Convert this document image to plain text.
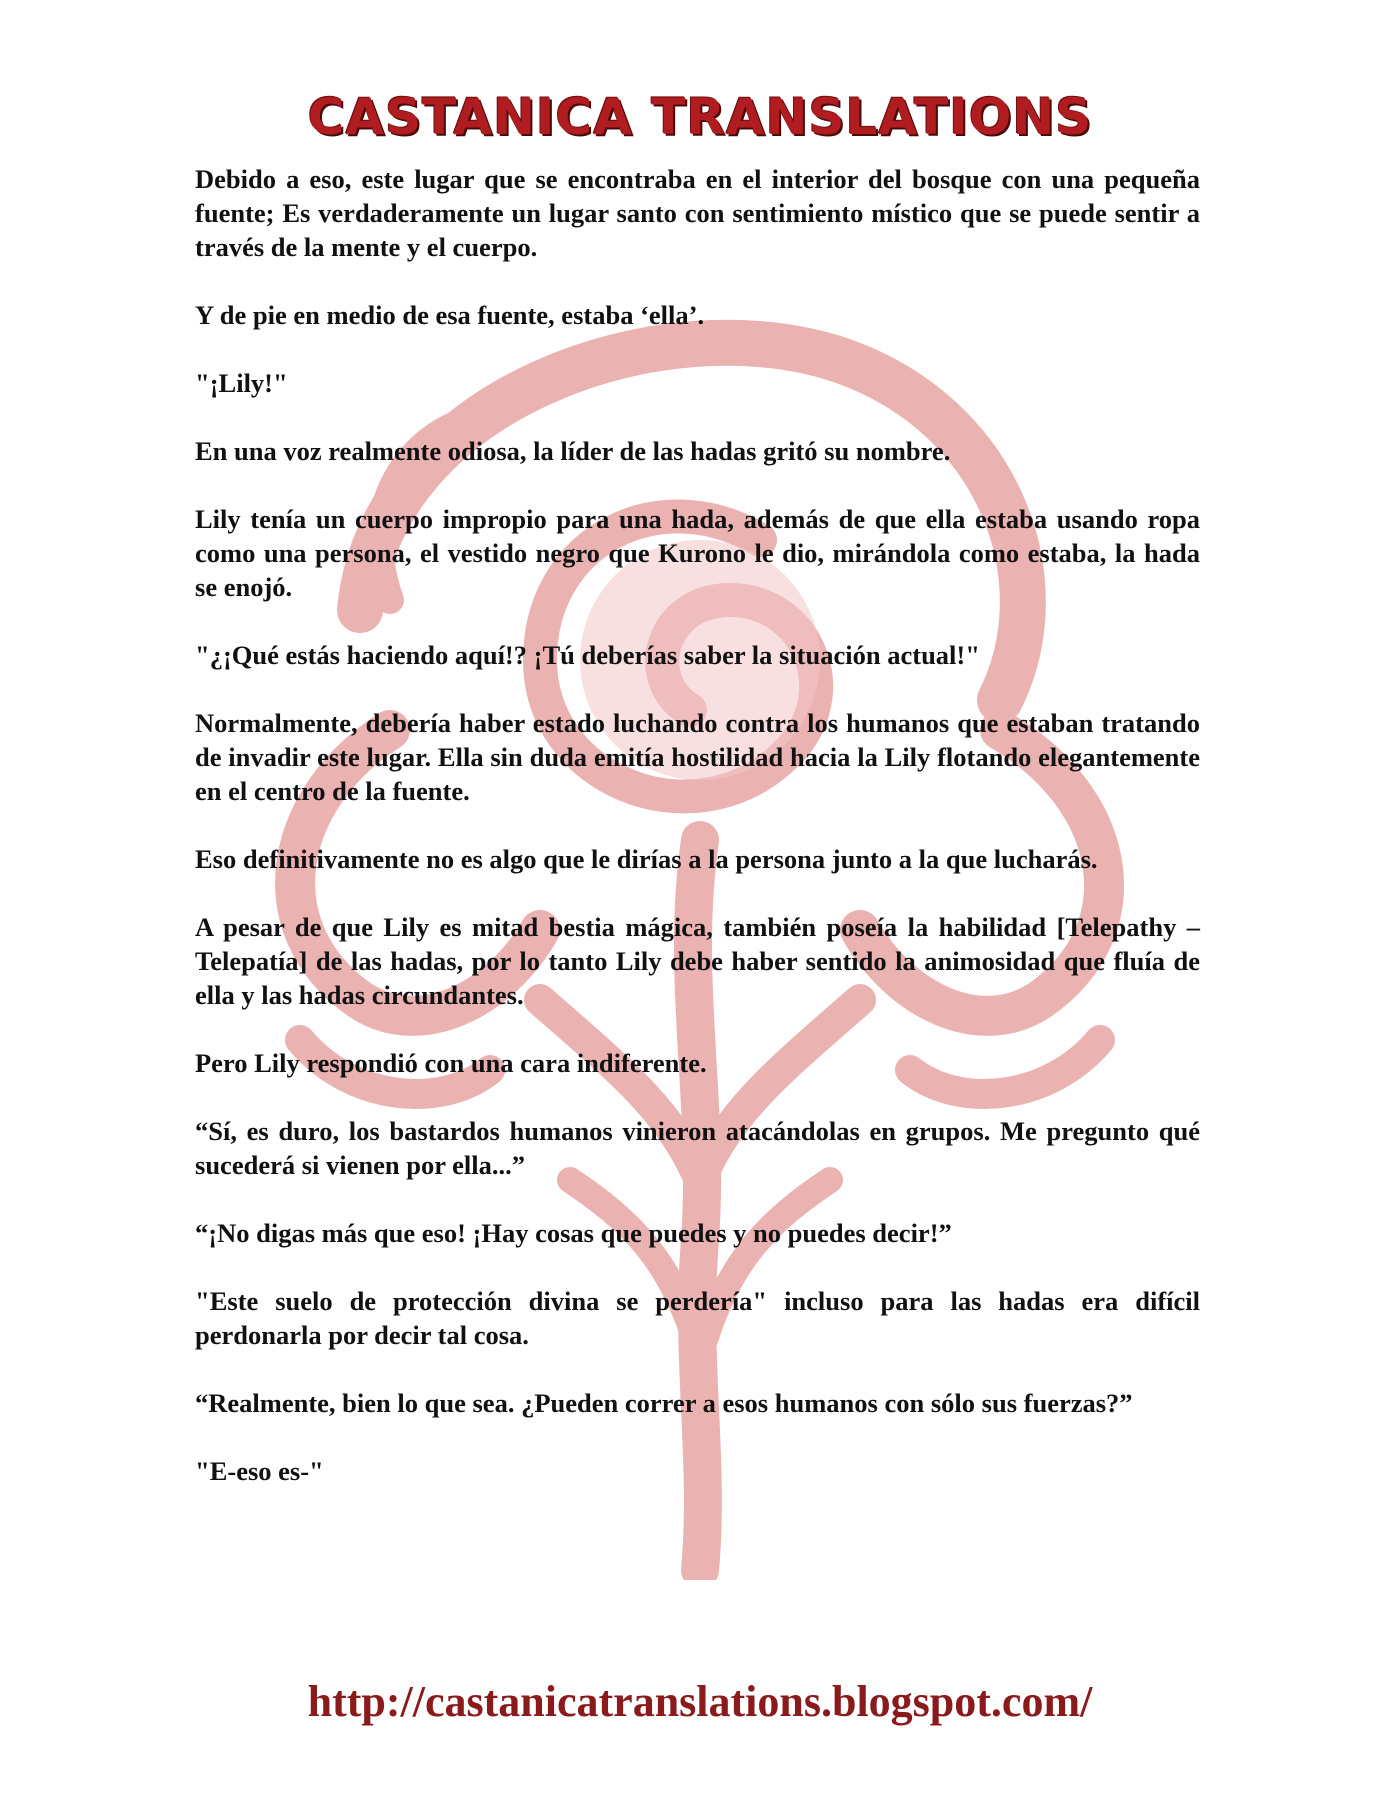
CASTANICA TRANSLATIONS

Debido a eso, este lugar que se encontraba en el interior del bosque con una pequeña fuente; Es verdaderamente un lugar santo con sentimiento místico que se puede sentir a través de la mente y el cuerpo.

Y de pie en medio de esa fuente, estaba ‘ella’.

"¡Lily!"

En una voz realmente odiosa, la líder de las hadas gritó su nombre.

Lily tenía un cuerpo impropio para una hada, además de que ella estaba usando ropa como una persona, el vestido negro que Kurono le dio, mirándola como estaba, la hada se enojó.

"¿¡Qué estás haciendo aquí!? ¡Tú deberías saber la situación actual!"

Normalmente, debería haber estado luchando contra los humanos que estaban tratando de invadir este lugar. Ella sin duda emitía hostilidad hacia la Lily flotando elegantemente en el centro de la fuente.

Eso definitivamente no es algo que le dirías a la persona junto a la que lucharás.

A pesar de que Lily es mitad bestia mágica, también poseía la habilidad [Telepathy – Telepatía] de las hadas, por lo tanto Lily debe haber sentido la animosidad que fluía de ella y las hadas circundantes.

Pero Lily respondió con una cara indiferente.

“Sí, es duro, los bastardos humanos vinieron atacándolas en grupos. Me pregunto qué sucederá si vienen por ella...”

“¡No digas más que eso! ¡Hay cosas que puedes y no puedes decir!”

"Este suelo de protección divina se perdería" incluso para las hadas era difícil perdonarla por decir tal cosa.

“Realmente, bien lo que sea. ¿Pueden correr a esos humanos con sólo sus fuerzas?”

"E-eso es-"

http://castanicatranslations.blogspot.com/
